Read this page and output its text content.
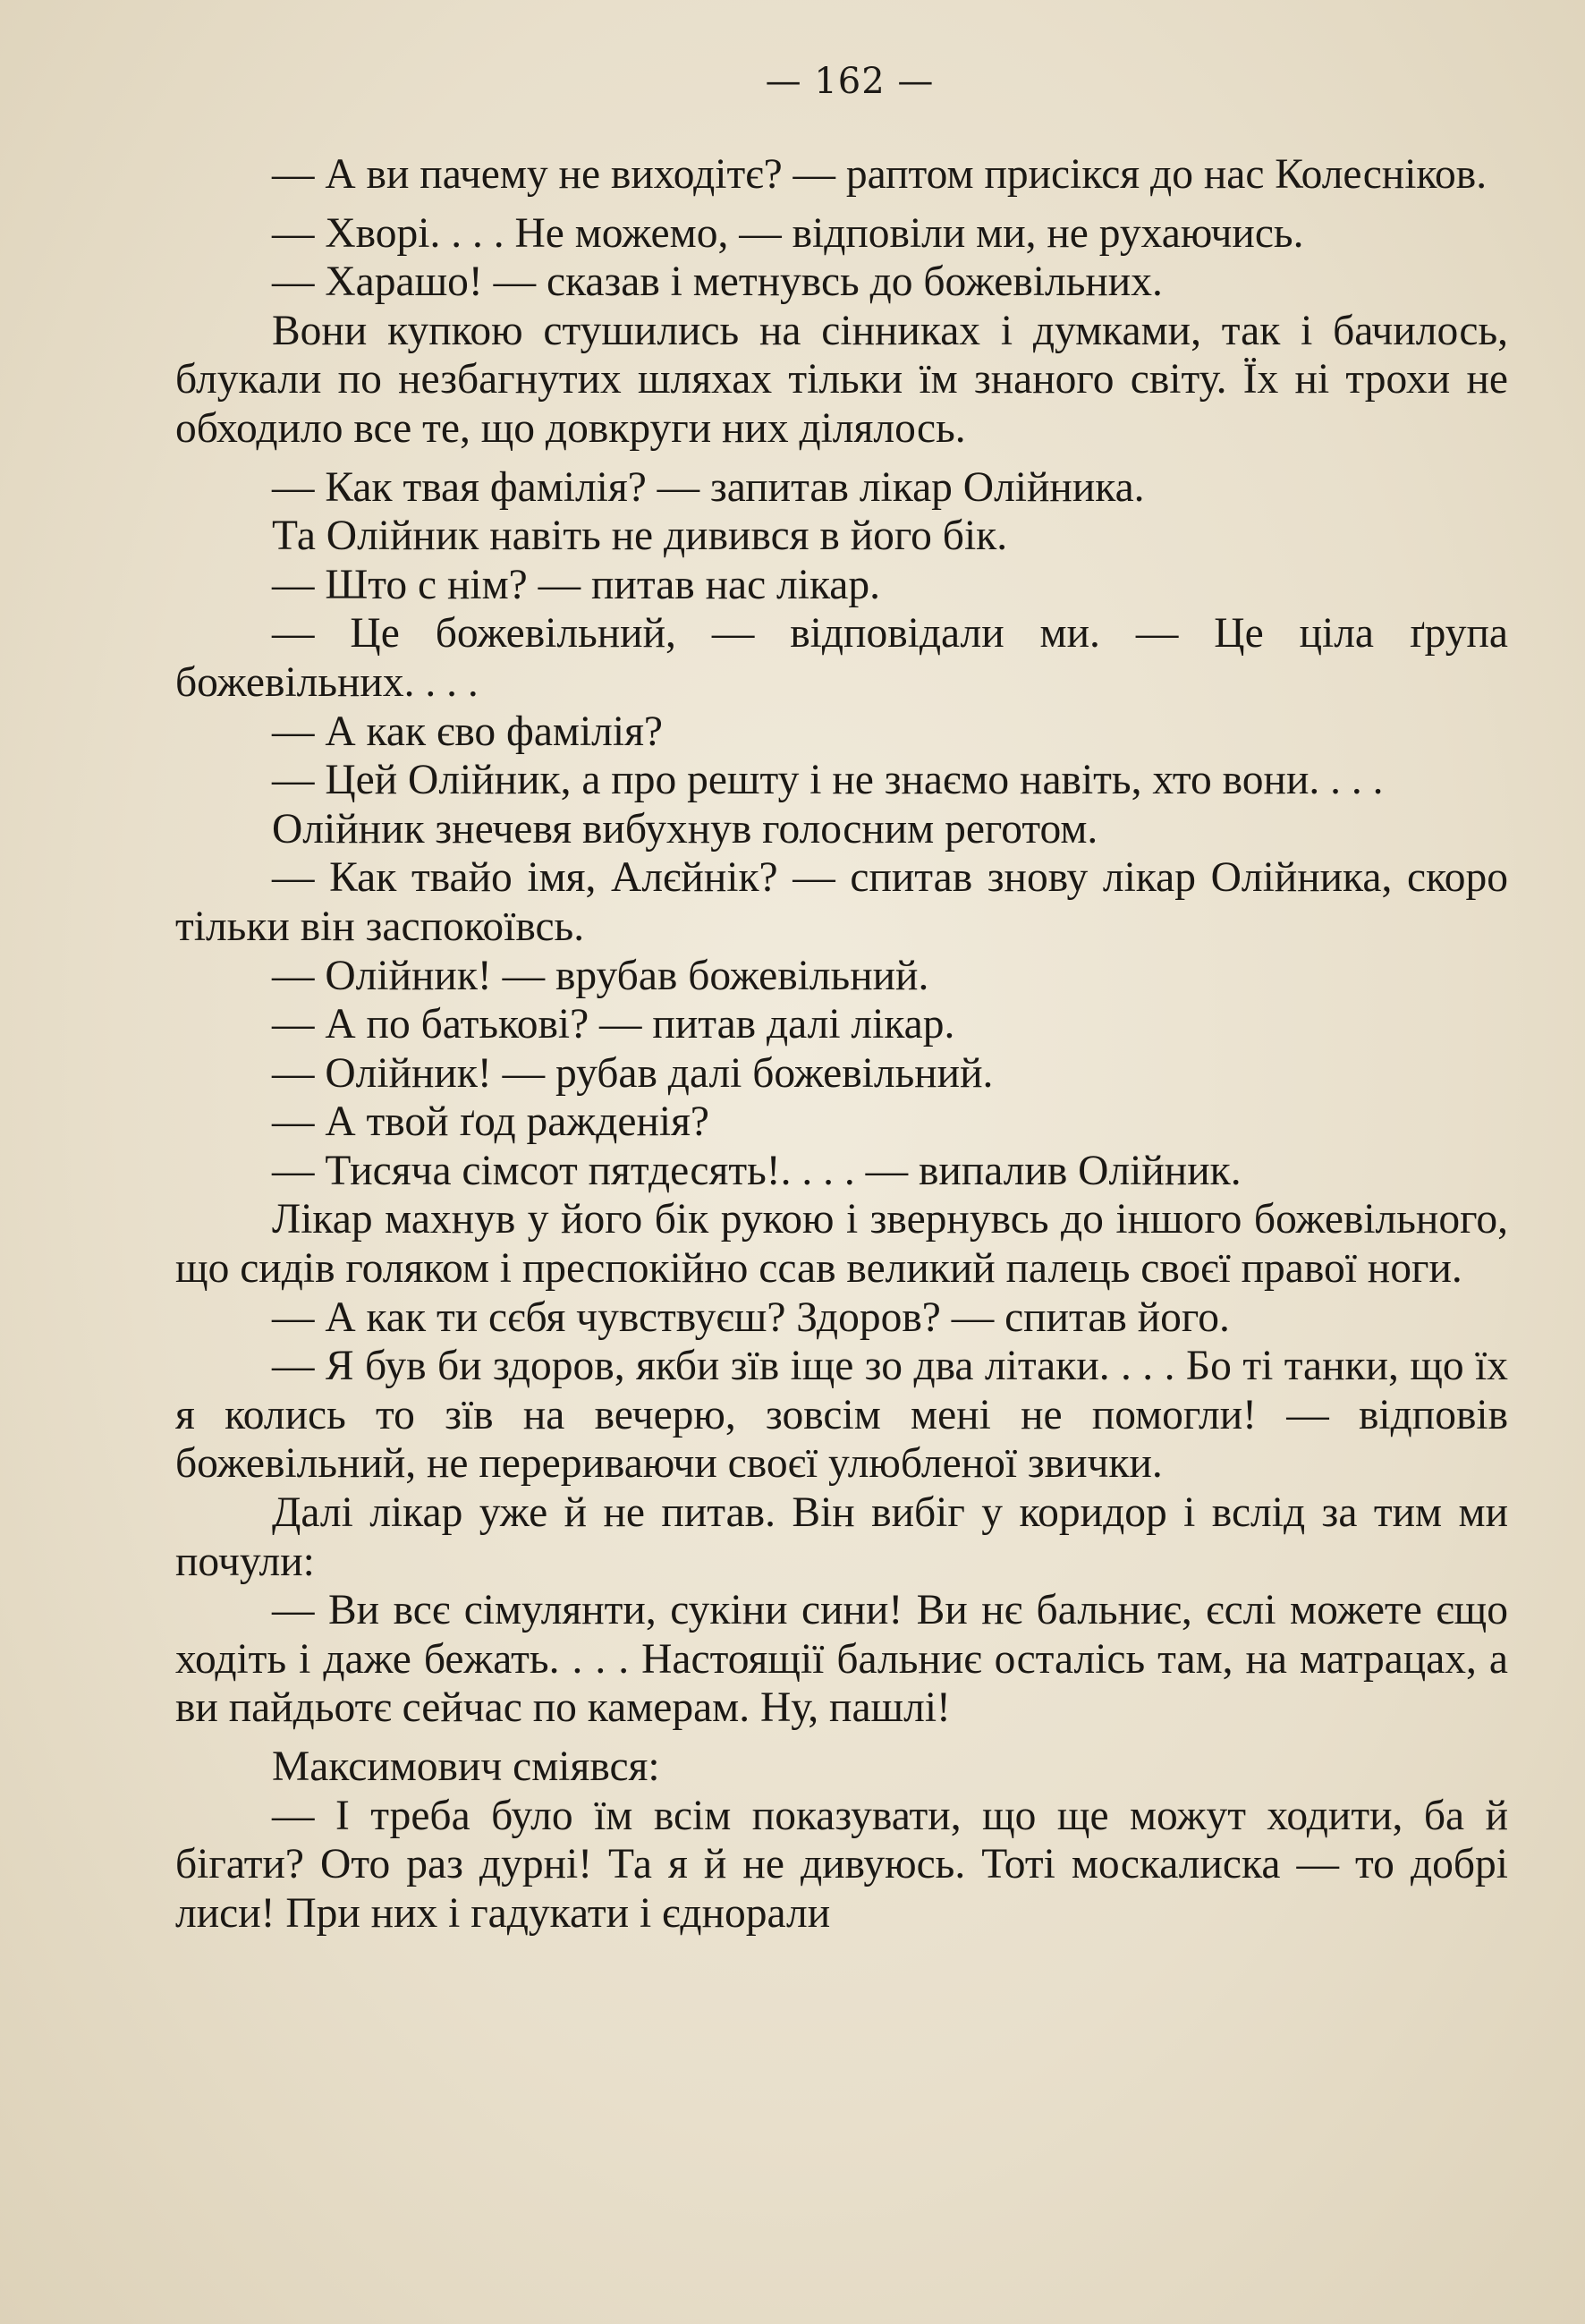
— 162 —

— А ви пачему не виходітє? — раптом присікся до нас Колесніков.

— Хворі. . . . Не можемо, — відповіли ми, не рухаючись.

— Харашо! — сказав і метнувсь до божевільних.

Вони купкою стушились на сінниках і думками, так і бачилось, блукали по незбагнутих шляхах тільки їм знаного світу. Їх ні трохи не обходило все те, що довкруги них ділялось.

— Как твая фамілія? — запитав лікар Олійника.

Та Олійник навіть не дивився в його бік.

— Што с нім? — питав нас лікар.

— Це божевільний, — відповідали ми. — Це ціла ґрупа божевільних. . . .

— А как єво фамілія?

— Цей Олійник, а про решту і не знаємо навіть, хто вони. . . .

Олійник знечевя вибухнув голосним реготом.

— Как твайо імя, Алєйнік? — спитав знову лікар Олійника, скоро тільки він заспокоївсь.

— Олійник! — врубав божевільний.

— А по батькові? — питав далі лікар.

— Олійник! — рубав далі божевільний.

— А твой ґод ражденія?

— Тисяча сімсот пятдесять!. . . . — випалив Олійник.

Лікар махнув у його бік рукою і звернувсь до іншого божевільного, що сидів голяком і преспокійно ссав великий палець своєї правої ноги.

— А как ти сєбя чувствуєш? Здоров? — спитав його.

— Я був би здоров, якби зїв іще зо два літаки. . . . Бо ті танки, що їх я колись то зїв на вечерю, зовсім мені не помогли! — відповів божевільний, не перериваючи своєї улюбленої звички.

Далі лікар уже й не питав. Він вибіг у коридор і вслід за тим ми почули:

— Ви всє сімулянти, сукіни сини! Ви нє бальниє, єслі можете єщо ходіть і даже бежать. . . . Настоящії бальниє осталісь там, на матрацах, а ви пайдьотє сейчас по камерам. Ну, пашлі!

Максимович сміявся:

— І треба було їм всім показувати, що ще можут ходити, ба й бігати? Ото раз дурні! Та я й не дивуюсь. Тоті москалиска — то добрі лиси! При них і гадукати і єднорали
